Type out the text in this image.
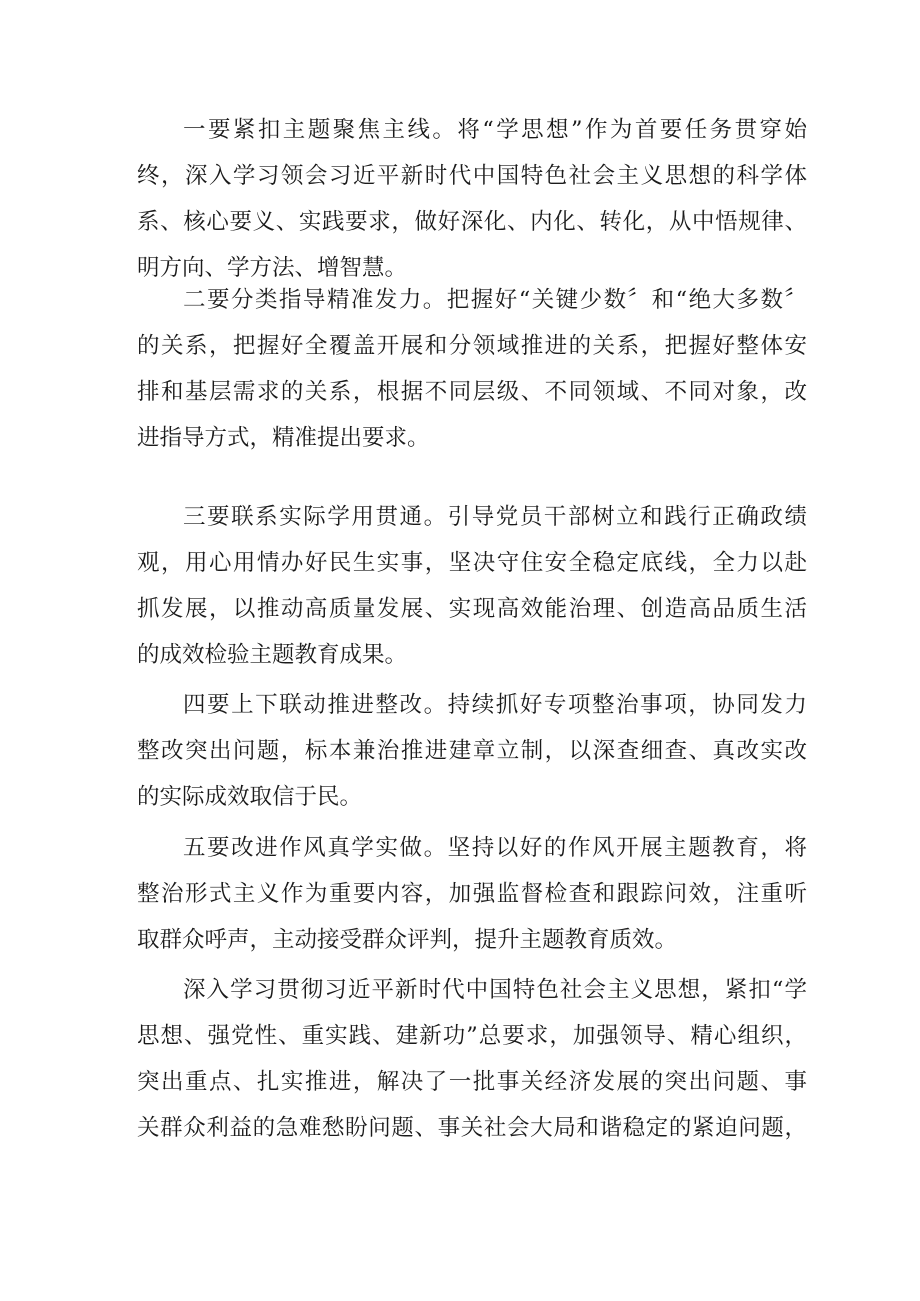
一要紧扣主题聚焦主线。将“学思想”作为首要任务贯穿始
终，深入学习领会习近平新时代中国特色社会主义思想的科学体
系、核心要义、实践要求，做好深化、内化、转化，从中悟规律、
明方向、学方法、增智慧。
二要分类指导精准发力。把握好“关键少数〞和“绝大多数〞
的关系，把握好全覆盖开展和分领域推进的关系，把握好整体安
排和基层需求的关系，根据不同层级、不同领域、不同对象，改
进指导方式，精准提出要求。
三要联系实际学用贯通。引导党员干部树立和践行正确政绩
观，用心用情办好民生实事，坚决守住安全稳定底线，全力以赴
抓发展，以推动高质量发展、实现高效能治理、创造高品质生活
的成效检验主题教育成果。
四要上下联动推进整改。持续抓好专项整治事项，协同发力
整改突出问题，标本兼治推进建章立制，以深查细查、真改实改
的实际成效取信于民。
五要改进作风真学实做。坚持以好的作风开展主题教育，将
整治形式主义作为重要内容，加强监督检查和跟踪问效，注重听
取群众呼声，主动接受群众评判，提升主题教育质效。
深入学习贯彻习近平新时代中国特色社会主义思想，紧扣“学
思想、强党性、重实践、建新功”总要求，加强领导、精心组织，
突出重点、扎实推进，解决了一批事关经济发展的突出问题、事
关群众利益的急难愁盼问题、事关社会大局和谐稳定的紧迫问题，
